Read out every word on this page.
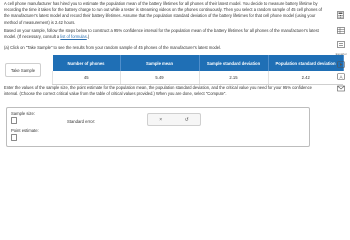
A cell phone manufacturer has hired you to estimate the population mean of the battery lifetimes for all phones of their latest model. You decide to measure battery lifetime by recording the time it takes for the battery charge to run out while a tester is streaming videos on the phones continuously. Then you select a random sample of 45 cell phones of the manufacturer's latest model and record their battery lifetimes. Assume that the population standard deviation of the battery lifetimes for that cell phone model (using your method of measurement) is 2.42 hours.

Based on your sample, follow the steps below to construct a 95% confidence interval for the population mean of the battery lifetimes for all phones of the manufacturer's latest model. (If necessary, consult a list of formulas.)

(a) Click on "Take Sample" to see the results from your random sample of 45 phones of the manufacturer's latest model.
Take Sample
Number of phones	Sample mean	Sample standard deviation	Population standard deviation
45	5.49	2.15	2.42
Enter the values of the sample size, the point estimate for the population mean, the population standard deviation, and the critical value you need for your 95% confidence interval. (Choose the correct critical value from the table of critical values provided.) When you are done, select "Compute".
Sample size:
Point estimate:
Standard error:	×	↺
Español
A
